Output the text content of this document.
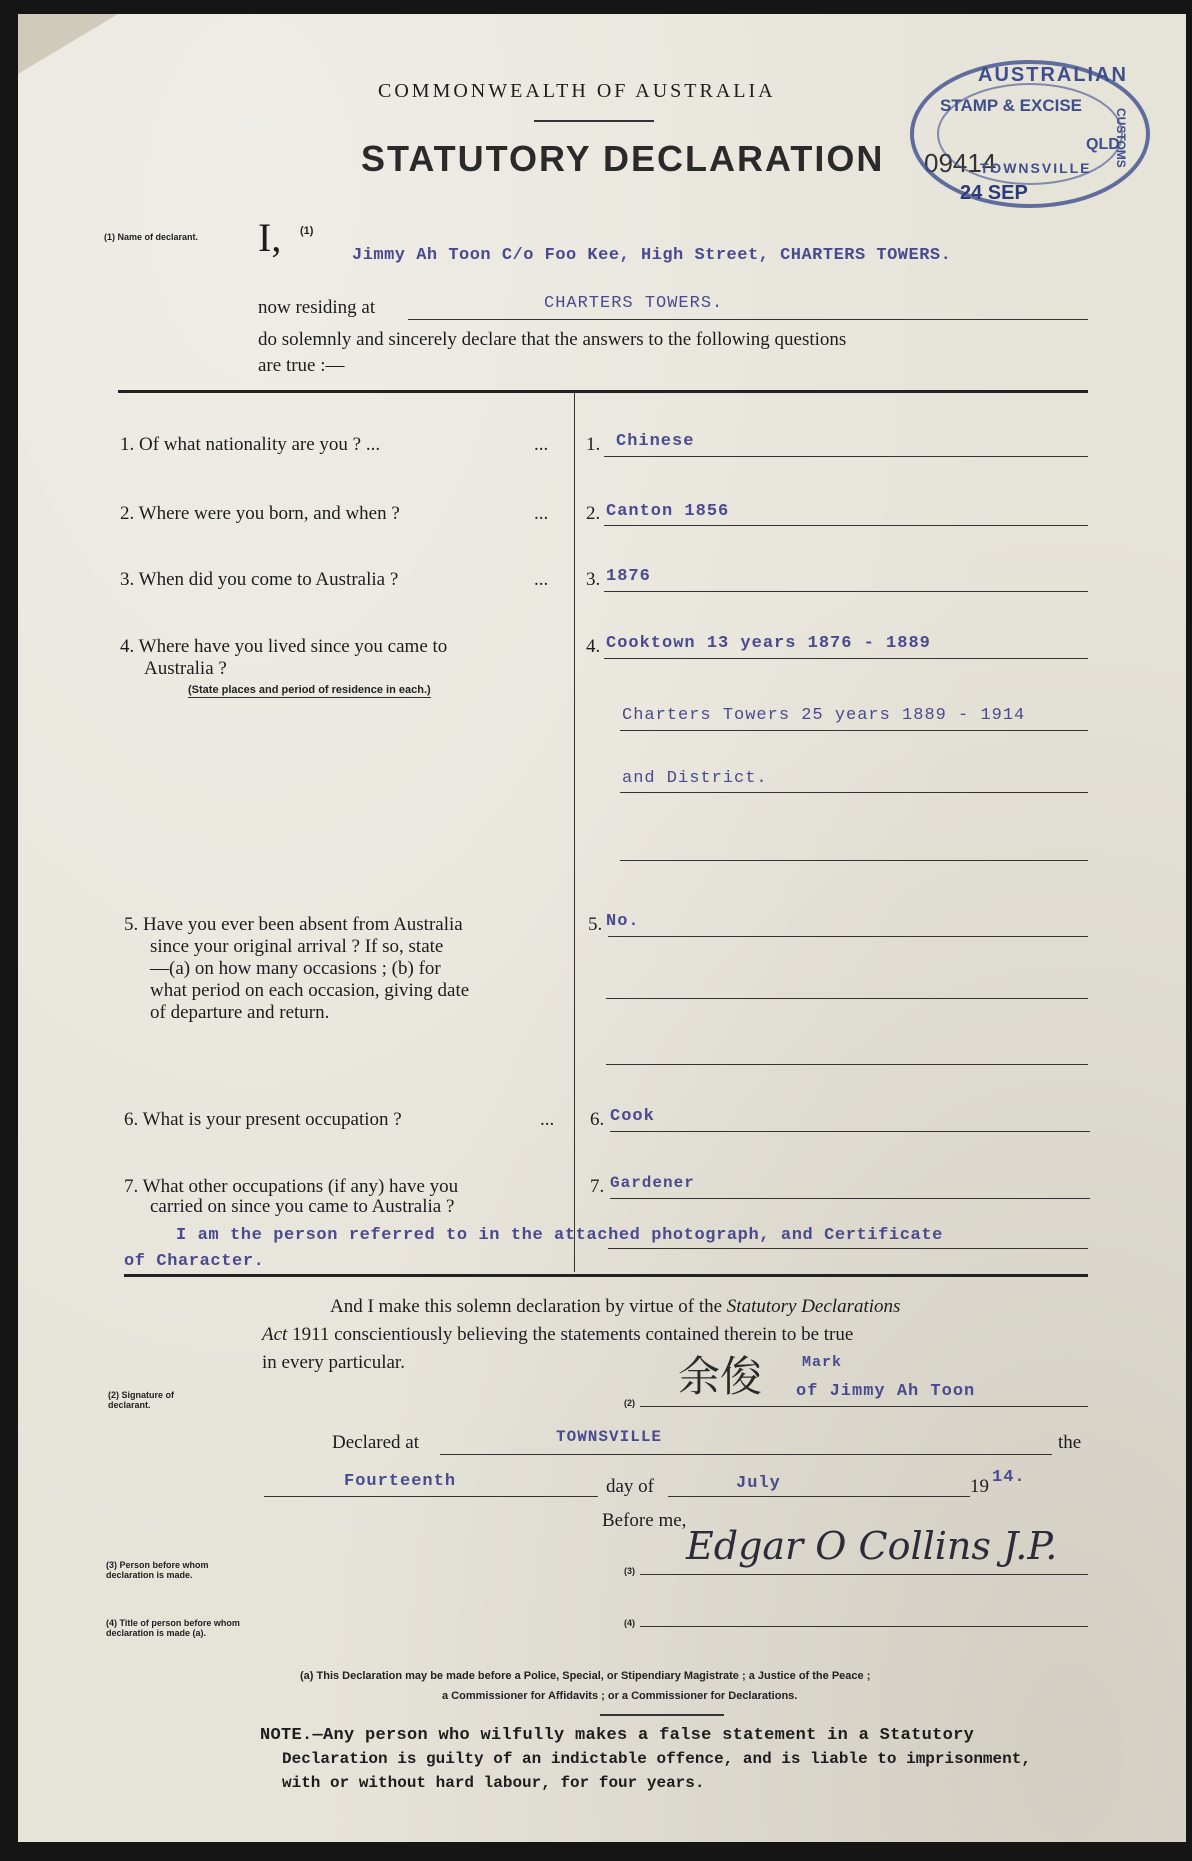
COMMONWEALTH OF AUSTRALIA
STATUTORY DECLARATION 09414
AUSTRALIAN
STAMP & EXCISE
QLD
CUSTOMS
TOWNSVILLE
24 SEP
(1) Name of declarant.	I, (1)
Jimmy Ah Toon C/o Foo Kee, High Street, CHARTERS TOWERS.
now residing at	CHARTERS TOWERS.
do solemnly and sincerely declare that the answers to the following questions
are true :—
1. Of what nationality are you ? ...	... 1. Chinese
2. Where were you born, and when ?	... 2. Canton 1856
3. When did you come to Australia ?	... 3. 1876
4. Where have you lived since you came to
Australia ?
(State places and period of residence in each.)
4. Cooktown 13 years 1876 - 1889
Charters Towers 25 years 1889 - 1914
and District.
5. Have you ever been absent from Australia
since your original arrival ? If so, state
—(a) on how many occasions ; (b) for
what period on each occasion, giving date
of departure and return.
5. No.
6. What is your present occupation ?	... 6. Cook
7. What other occupations (if any) have you
carried on since you came to Australia ?
7. Gardener
I am the person referred to in the attached photograph, and Certificate
of Character.
And I make this solemn declaration by virtue of the Statutory Declarations
Act 1911 conscientiously believing the statements contained therein to be true
in every particular.
(2) Signature of declarant.	(2)
余俊	Mark
of Jimmy Ah Toon
Declared at	TOWNSVILLE	the
Fourteenth	day of	July	19 14.
Before me,
(3) Person before whom declaration is made.	(3)
Edgar O Collins J.P.
(4) Title of person before whom declaration is made (a).
(4)
(a) This Declaration may be made before a Police, Special, or Stipendiary Magistrate ; a Justice of the Peace ;
a Commissioner for Affidavits ; or a Commissioner for Declarations.
NOTE.—Any person who wilfully makes a false statement in a Statutory
Declaration is guilty of an indictable offence, and is liable to imprisonment,
with or without hard labour, for four years.
